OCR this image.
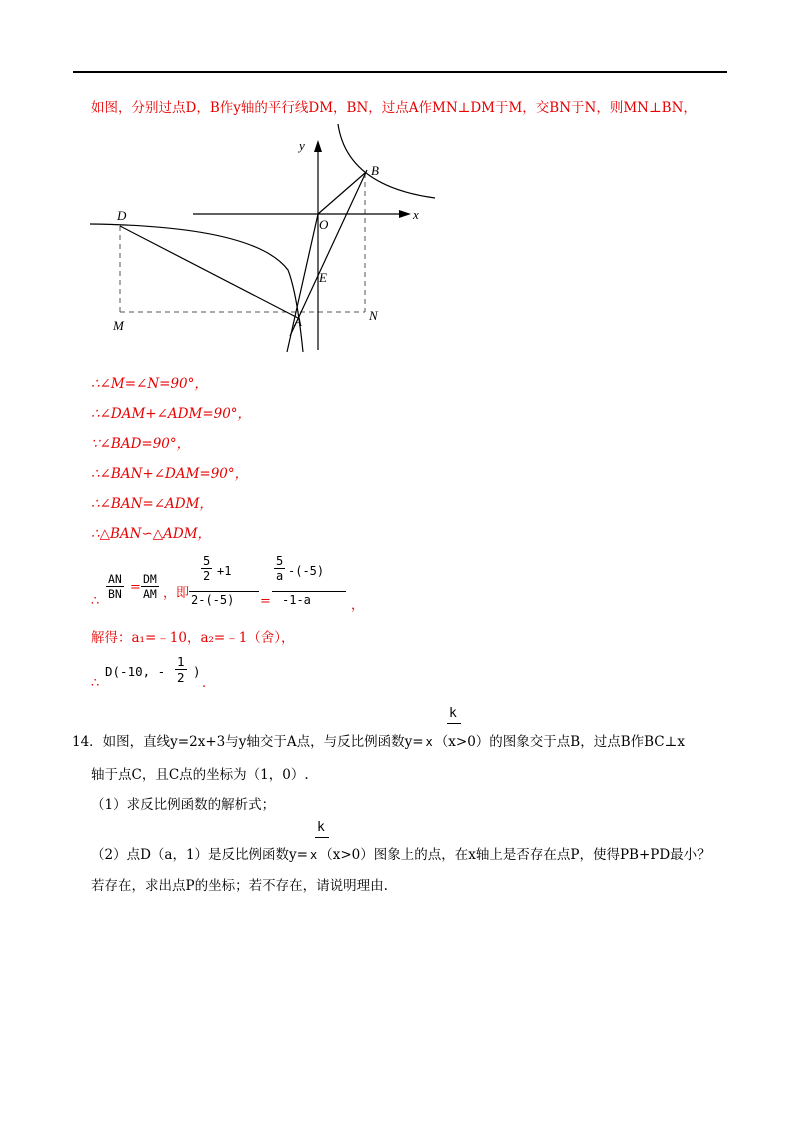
如图，分别过点D，B作y轴的平行线DM，BN，过点A作MN⊥DM于M，交BN于N，则MN⊥BN，
y
x
B
D
O
E
M	A	N
∴∠M=∠N=90°，
∴∠DAM+∠ADM=90°，
∵∠BAD=90°，
∴∠BAN+∠DAM=90°，
∴∠BAN=∠ADM，
∴△BAN∽△ADM，
∴
$\frac{AN}{BN} = \frac{DM}{AM}$ ，即
$\frac{5}{2} +1$
2-(-5) =
$\frac{5}{a} -(-5)$
-1-a	，
解得：a₁=﹣10，a₂=﹣1（舍），
∴
D(-10, - $\frac{1}{2}$ )
.
k
14．如图，直线y=2x+3与y轴交于A点，与反比例函数y= x （x>0）的图象交于点B，过点B作BC⊥x
轴于点C，且C点的坐标为（1，0）.
（1）求反比例函数的解析式；
k
（2）点D（a，1）是反比例函数y= x （x>0）图象上的点，在x轴上是否存在点P，使得PB+PD最小？
若存在，求出点P的坐标；若不存在，请说明理由.
